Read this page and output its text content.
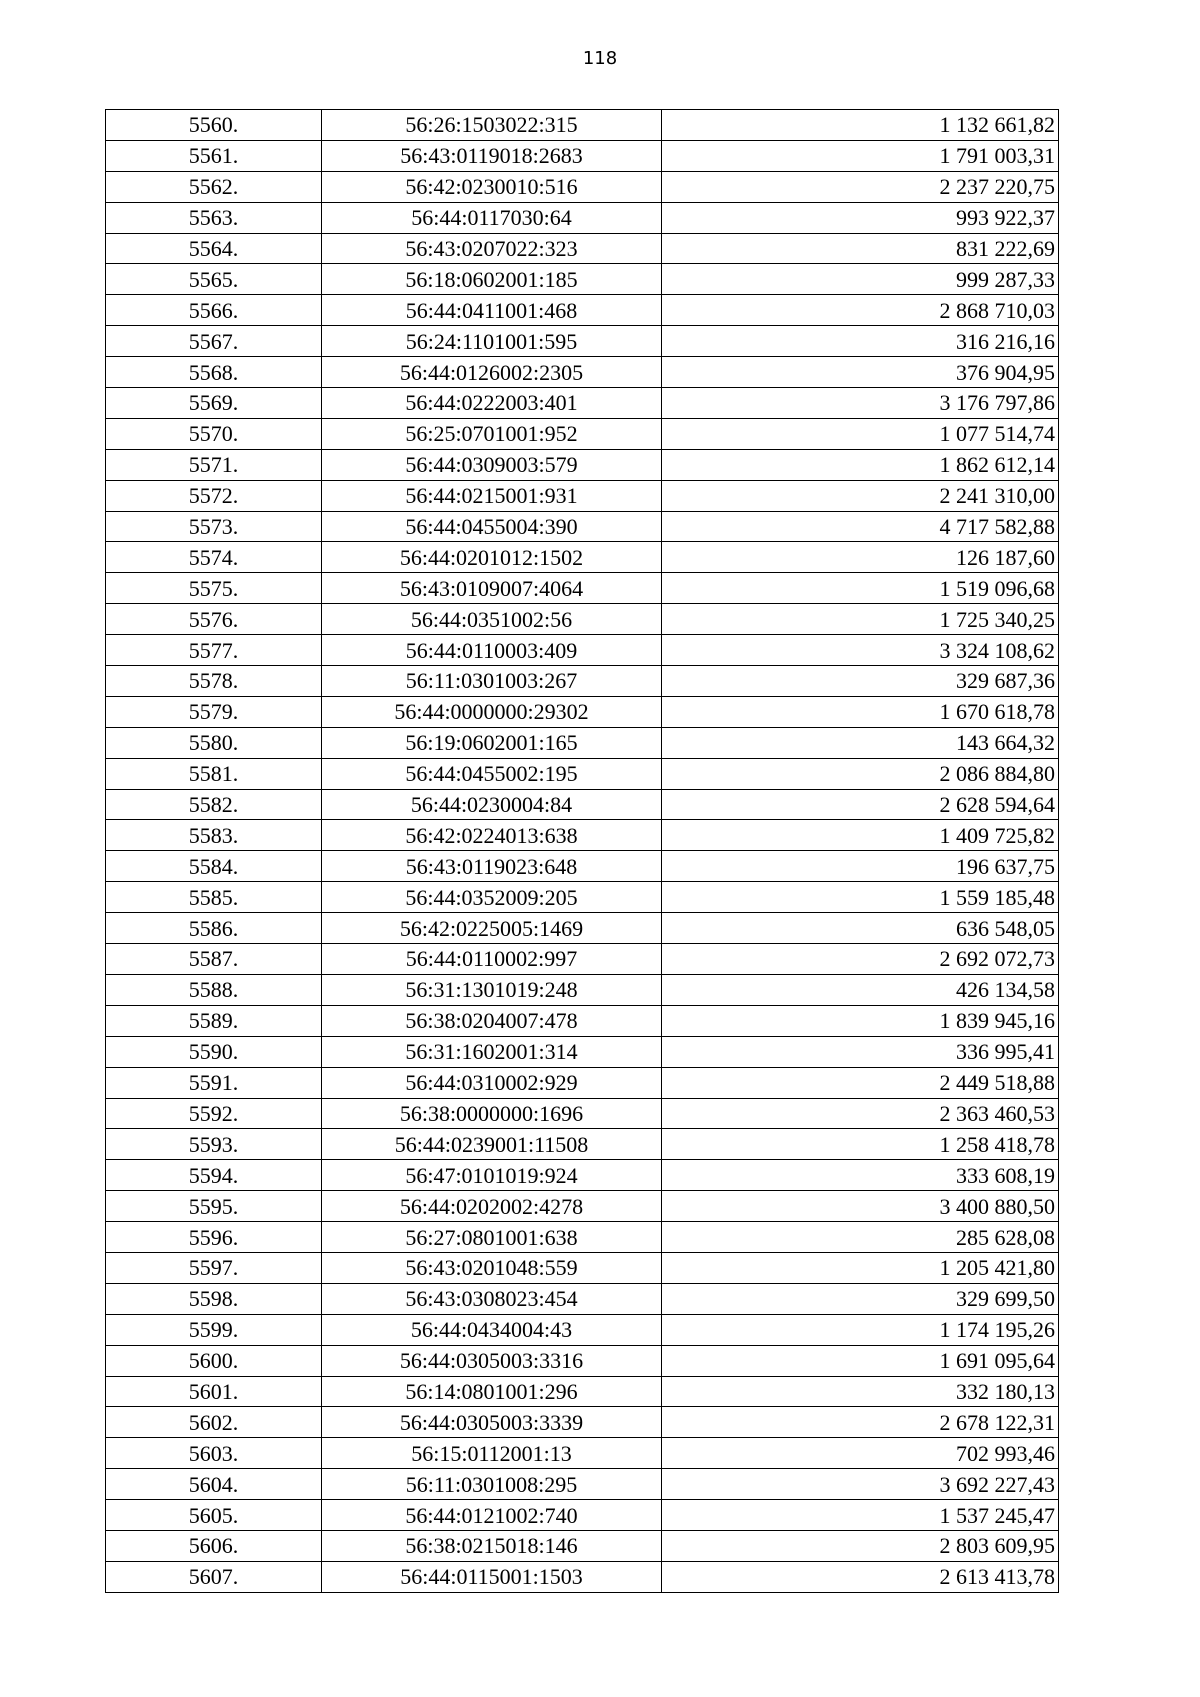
118
5560.	56:26:1503022:315	1 132 661,82
5561.	56:43:0119018:2683	1 791 003,31
5562.	56:42:0230010:516	2 237 220,75
5563.	56:44:0117030:64	993 922,37
5564.	56:43:0207022:323	831 222,69
5565.	56:18:0602001:185	999 287,33
5566.	56:44:0411001:468	2 868 710,03
5567.	56:24:1101001:595	316 216,16
5568.	56:44:0126002:2305	376 904,95
5569.	56:44:0222003:401	3 176 797,86
5570.	56:25:0701001:952	1 077 514,74
5571.	56:44:0309003:579	1 862 612,14
5572.	56:44:0215001:931	2 241 310,00
5573.	56:44:0455004:390	4 717 582,88
5574.	56:44:0201012:1502	126 187,60
5575.	56:43:0109007:4064	1 519 096,68
5576.	56:44:0351002:56	1 725 340,25
5577.	56:44:0110003:409	3 324 108,62
5578.	56:11:0301003:267	329 687,36
5579.	56:44:0000000:29302	1 670 618,78
5580.	56:19:0602001:165	143 664,32
5581.	56:44:0455002:195	2 086 884,80
5582.	56:44:0230004:84	2 628 594,64
5583.	56:42:0224013:638	1 409 725,82
5584.	56:43:0119023:648	196 637,75
5585.	56:44:0352009:205	1 559 185,48
5586.	56:42:0225005:1469	636 548,05
5587.	56:44:0110002:997	2 692 072,73
5588.	56:31:1301019:248	426 134,58
5589.	56:38:0204007:478	1 839 945,16
5590.	56:31:1602001:314	336 995,41
5591.	56:44:0310002:929	2 449 518,88
5592.	56:38:0000000:1696	2 363 460,53
5593.	56:44:0239001:11508	1 258 418,78
5594.	56:47:0101019:924	333 608,19
5595.	56:44:0202002:4278	3 400 880,50
5596.	56:27:0801001:638	285 628,08
5597.	56:43:0201048:559	1 205 421,80
5598.	56:43:0308023:454	329 699,50
5599.	56:44:0434004:43	1 174 195,26
5600.	56:44:0305003:3316	1 691 095,64
5601.	56:14:0801001:296	332 180,13
5602.	56:44:0305003:3339	2 678 122,31
5603.	56:15:0112001:13	702 993,46
5604.	56:11:0301008:295	3 692 227,43
5605.	56:44:0121002:740	1 537 245,47
5606.	56:38:0215018:146	2 803 609,95
5607.	56:44:0115001:1503	2 613 413,78
